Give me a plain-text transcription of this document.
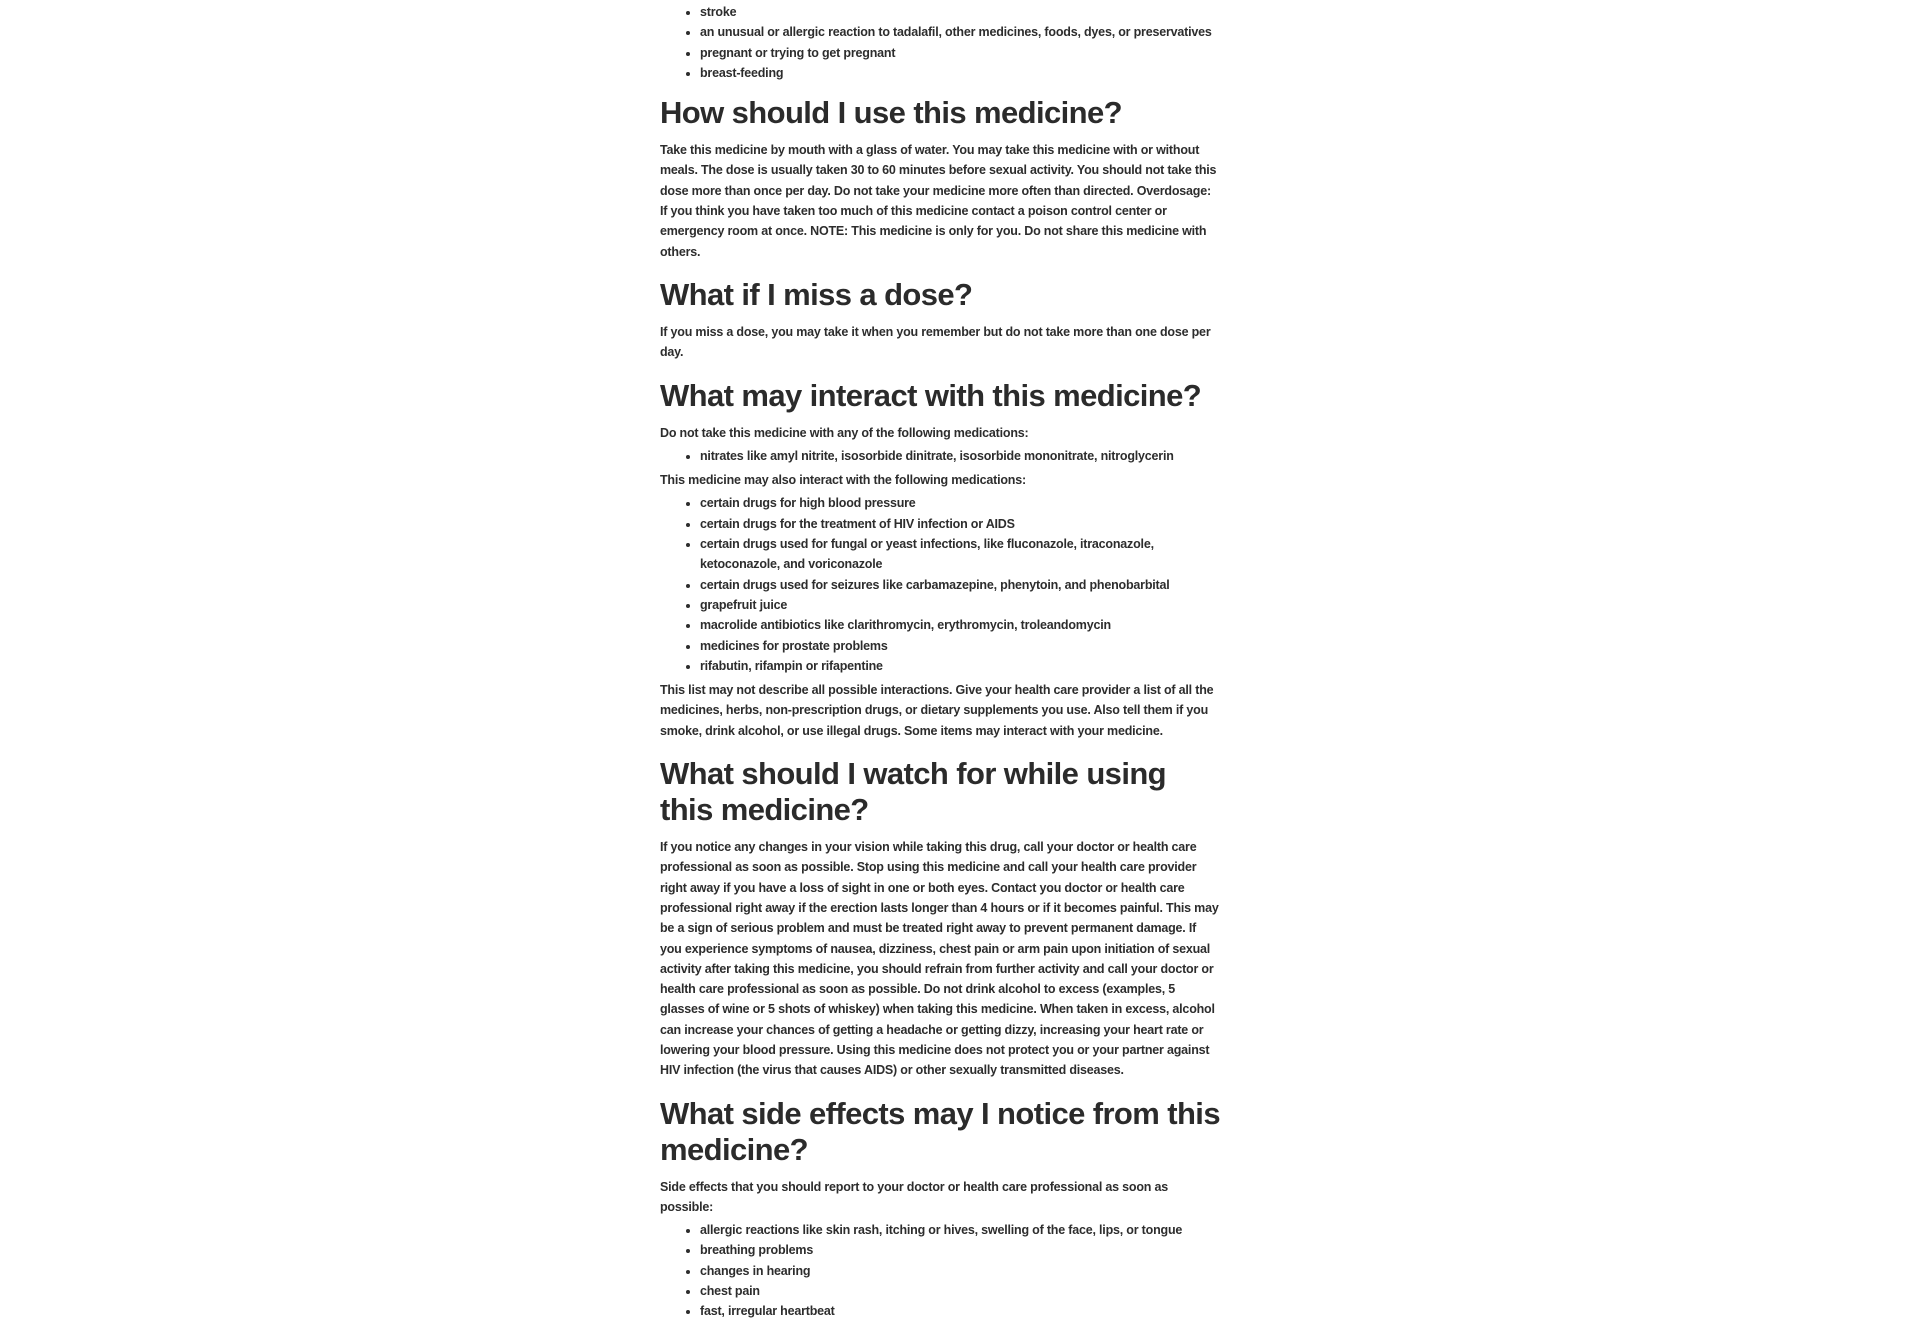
• stroke
• an unusual or allergic reaction to tadalafil, other medicines, foods, dyes, or preservatives
• pregnant or trying to get pregnant
• breast-feeding
How should I use this medicine?

Take this medicine by mouth with a glass of water. You may take this medicine with or without meals. The dose is usually taken 30 to 60 minutes before sexual activity. You should not take this dose more than once per day. Do not take your medicine more often than directed. Overdosage: If you think you have taken too much of this medicine contact a poison control center or emergency room at once. NOTE: This medicine is only for you. Do not share this medicine with others.

What if I miss a dose?

If you miss a dose, you may take it when you remember but do not take more than one dose per day.

What may interact with this medicine?

Do not take this medicine with any of the following medications:

• nitrates like amyl nitrite, isosorbide dinitrate, isosorbide mononitrate, nitroglycerin

This medicine may also interact with the following medications:

• certain drugs for high blood pressure
• certain drugs for the treatment of HIV infection or AIDS
• certain drugs used for fungal or yeast infections, like fluconazole, itraconazole, ketoconazole, and voriconazole
• certain drugs used for seizures like carbamazepine, phenytoin, and phenobarbital
• grapefruit juice
• macrolide antibiotics like clarithromycin, erythromycin, troleandomycin
• medicines for prostate problems
• rifabutin, rifampin or rifapentine

This list may not describe all possible interactions. Give your health care provider a list of all the medicines, herbs, non-prescription drugs, or dietary supplements you use. Also tell them if you smoke, drink alcohol, or use illegal drugs. Some items may interact with your medicine.

What should I watch for while using this medicine?

If you notice any changes in your vision while taking this drug, call your doctor or health care professional as soon as possible. Stop using this medicine and call your health care provider right away if you have a loss of sight in one or both eyes. Contact you doctor or health care professional right away if the erection lasts longer than 4 hours or if it becomes painful. This may be a sign of serious problem and must be treated right away to prevent permanent damage. If you experience symptoms of nausea, dizziness, chest pain or arm pain upon initiation of sexual activity after taking this medicine, you should refrain from further activity and call your doctor or health care professional as soon as possible. Do not drink alcohol to excess (examples, 5 glasses of wine or 5 shots of whiskey) when taking this medicine. When taken in excess, alcohol can increase your chances of getting a headache or getting dizzy, increasing your heart rate or lowering your blood pressure. Using this medicine does not protect you or your partner against HIV infection (the virus that causes AIDS) or other sexually transmitted diseases.

What side effects may I notice from this medicine?

Side effects that you should report to your doctor or health care professional as soon as possible:

• allergic reactions like skin rash, itching or hives, swelling of the face, lips, or tongue
• breathing problems
• changes in hearing
• chest pain
• fast, irregular heartbeat
